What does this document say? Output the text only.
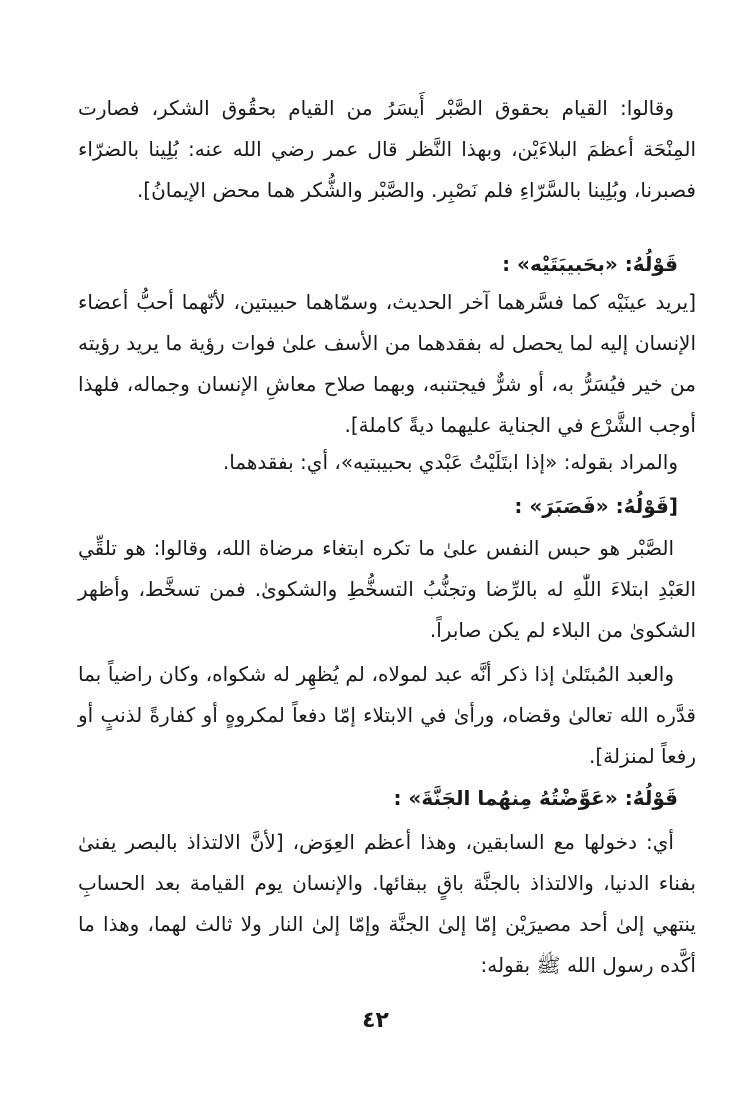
وقالوا: القيام بحقوق الصَّبْر أَيسَرُ من القيام بحقُوق الشكر، فصارت المِنْحَة أعظمَ البلاءَيْن، وبهذا النَّظر قال عمر رضي الله عنه: بُلِينا بالضرّاء فصبرنا، وبُلِينا بالسَّرّاءِ فلم نَصْبِر. والصَّبْر والشُّكر هما محض الإيمانُ].

قَوْلُهُ: «بحَبيبَتَيْه» :

[يريد عينَيْه كما فسَّرهما آخر الحديث، وسمّاهما حبيبتين، لأنّهما أحبُّ أعضاء الإنسان إليه لما يحصل له بفقدهما من الأسف علىٰ فوات رؤية ما يريد رؤيته من خير فيُسَرُّ به، أو شرٌّ فيجتنبه، وبهما صلاح معاشِ الإنسان وجماله، فلهذا أوجب الشَّرْع في الجناية عليهما ديةً كاملة].

والمراد بقوله: «إذا ابتَلَيْتُ عَبْدي بحبيبتيه»، أي: بفقدهما.
[قَوْلُهُ: «فَصَبَرَ» :

الصَّبْر هو حبس النفس علىٰ ما تكره ابتغاء مرضاة الله، وقالوا: هو تلقِّي العَبْدِ ابتلاءَ اللّٰهِ له بالرِّضا وتجنُّبُ التسخُّطِ والشكوىٰ. فمن تسخَّط، وأظهر الشكوىٰ من البلاء لم يكن صابراً.

والعبد المُبتَلىٰ إذا ذكر أنَّه عبد لمولاه، لم يُظهِر له شكواه، وكان راضياً بما قدَّره الله تعالىٰ وقضاه، ورأىٰ في الابتلاء إمّا دفعاً لمكروهٍ أو كفارةً لذنبٍ أو رفعاً لمنزلة].

قَوْلُهُ: «عَوَّضْتُهُ مِنهُما الجَنَّةَ» :

أي: دخولها مع السابقين، وهذا أعظم العِوَض، [لأنَّ الالتذاذ بالبصر يفنىٰ بفناء الدنيا، والالتذاذ بالجنَّة باقٍ ببقائها. والإنسان يوم القيامة بعد الحسابِ ينتهي إلىٰ أحد مصيرَيْن إمّا إلىٰ الجنَّة وإمّا إلىٰ النار ولا ثالث لهما، وهذا ما أكَّده رسول الله ﷺ بقوله:

٤٢
